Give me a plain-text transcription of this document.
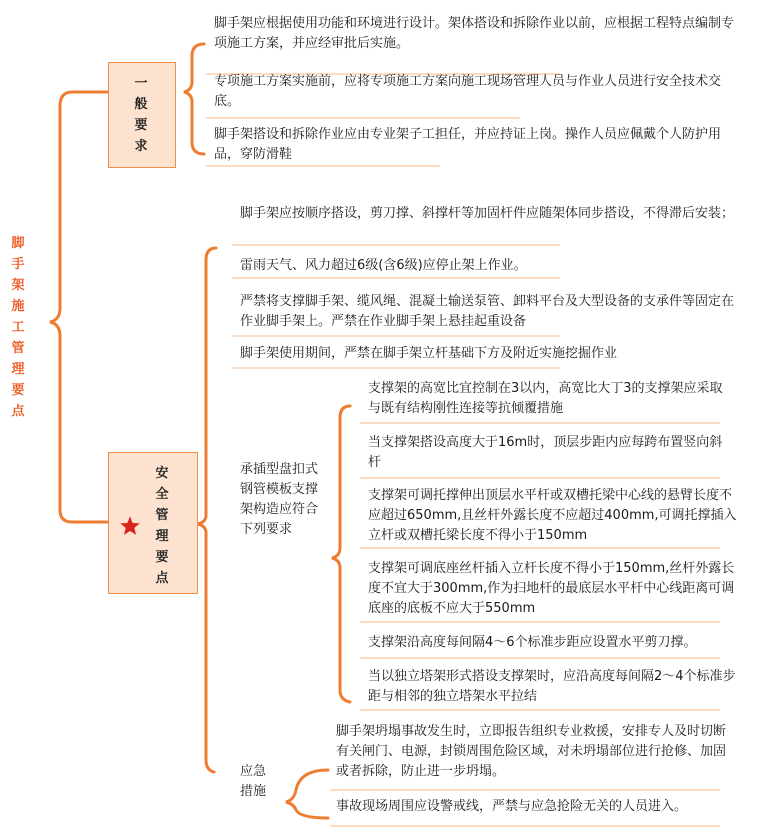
脚手架施工管理要点
一般要求
脚手架应根据使用功能和环境进行设计。架体搭设和拆除作业以前，应根据工程特点编制专项施工方案，并应经审批后实施。
专项施工方案实施前，应将专项施工方案向施工现场管理人员与作业人员进行安全技术交底。
脚手架搭设和拆除作业应由专业架子工担任，并应持证上岗。操作人员应佩戴个人防护用品，穿防滑鞋
安全管理要点
脚手架应按顺序搭设，剪刀撑、斜撑杆等加固杆件应随架体同步搭设，不得滞后安装；
雷雨天气、风力超过6级(含6级)应停止架上作业。
严禁将支撑脚手架、缆风绳、混凝土输送泵管、卸料平台及大型设备的支承件等固定在作业脚手架上。严禁在作业脚手架上悬挂起重设备
脚手架使用期间，严禁在脚手架立杆基础下方及附近实施挖掘作业
承插型盘扣式钢管模板支撑架构造应符合下列要求
支撑架的高宽比宜控制在3以内，高宽比大丁3的支撑架应采取与既有结构刚性连接等抗倾覆措施
当支撑架搭设高度大于16m时，顶层步距内应每跨布置竖向斜杆
支撑架可调托撑伸出顶层水平杆或双槽托梁中心线的悬臂长度不应超过650mm,且丝杆外露长度不应超过400mm,可调托撑插入立杆或双槽托梁长度不得小于150mm
支撑架可调底座丝杆插入立杆长度不得小于150mm,丝杆外露长度不宜大于300mm,作为扫地杆的最底层水平杆中心线距离可调底座的底板不应大于550mm
支撑架沿高度每间隔4～6个标准步距应设置水平剪刀撑。
当以独立塔架形式搭设支撑架时，应沿高度每间隔2～4个标准步距与相邻的独立塔架水平拉结
应急措施
脚手架坍塌事故发生时，立即报告组织专业救援，安排专人及时切断有关闸门、电源，封锁周围危险区域，对未坍塌部位进行抢修、加固或者拆除，防止进一步坍塌。
事故现场周围应设警戒线，严禁与应急抢险无关的人员进入。
